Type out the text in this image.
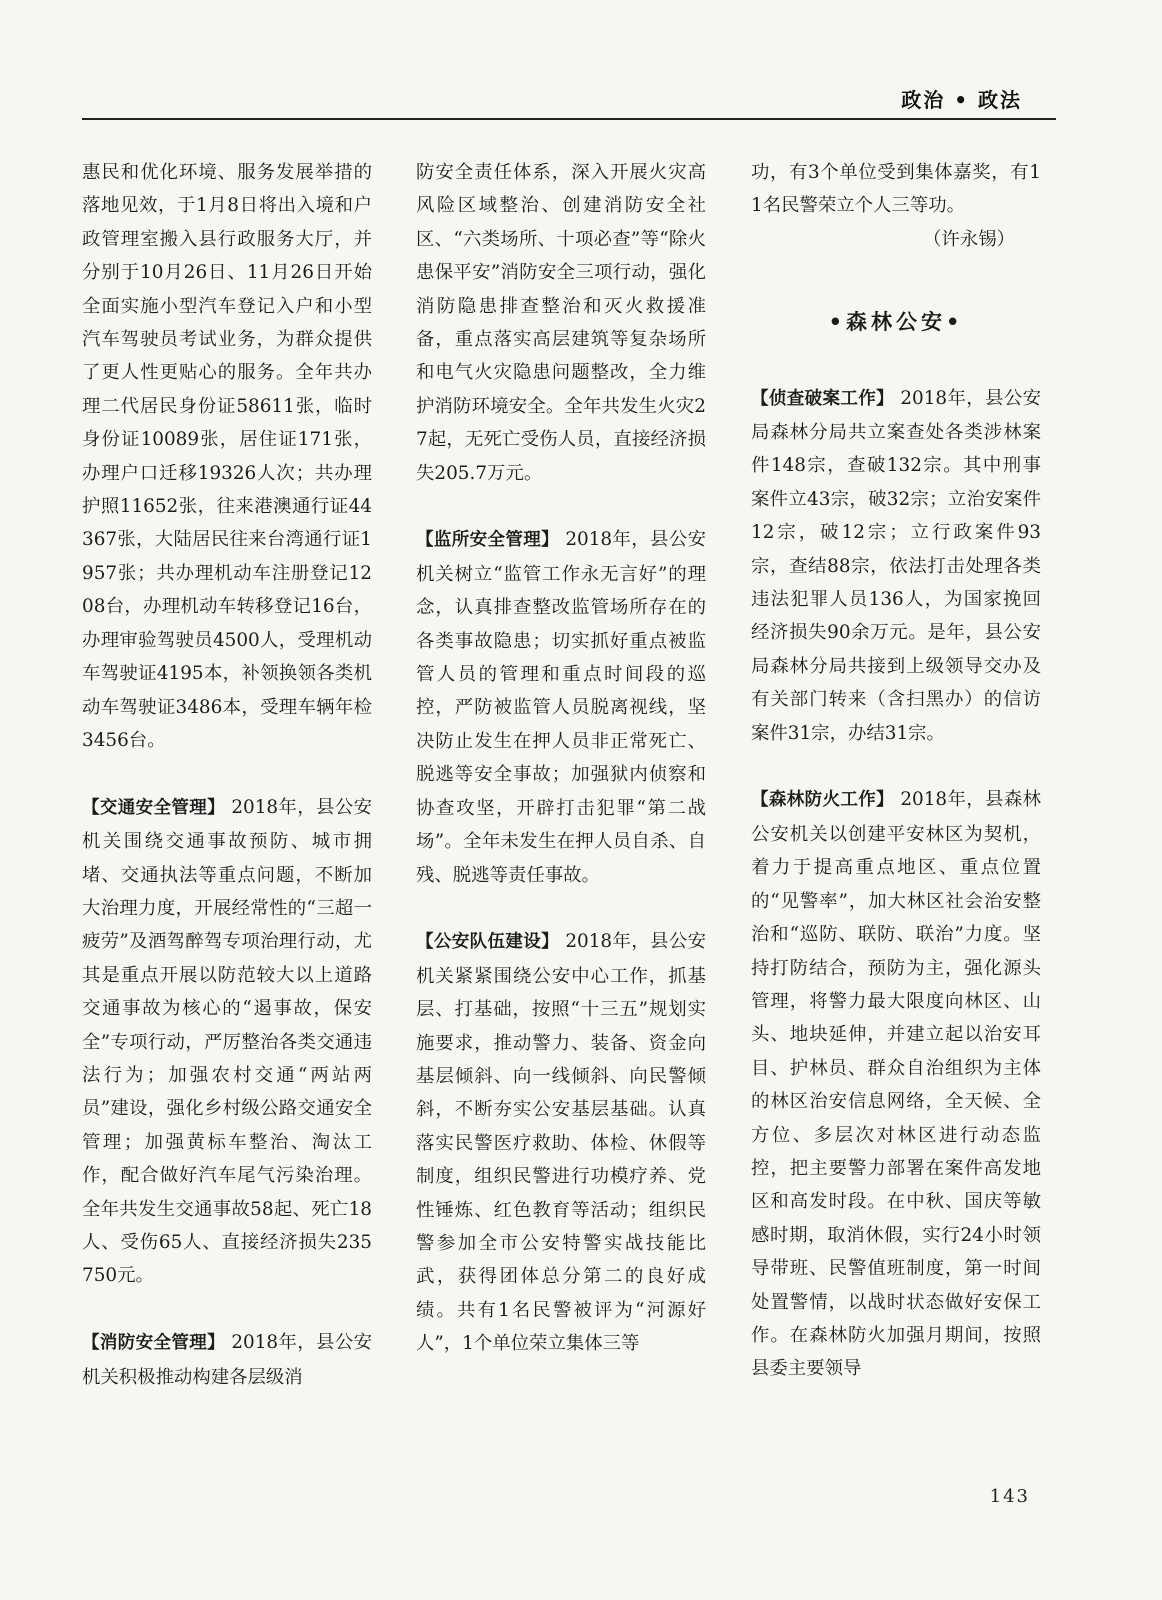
政治 • 政法

惠民和优化环境、服务发展举措的落地见效，于1月8日将出入境和户政管理室搬入县行政服务大厅，并分别于10月26日、11月26日开始全面实施小型汽车登记入户和小型汽车驾驶员考试业务，为群众提供了更人性更贴心的服务。全年共办理二代居民身份证58611张，临时身份证10089张，居住证171张，办理户口迁移19326人次；共办理护照11652张，往来港澳通行证44367张，大陆居民往来台湾通行证1957张；共办理机动车注册登记1208台，办理机动车转移登记16台，办理审验驾驶员4500人，受理机动车驾驶证4195本，补领换领各类机动车驾驶证3486本，受理车辆年检3456台。

【交通安全管理】 2018年，县公安机关围绕交通事故预防、城市拥堵、交通执法等重点问题，不断加大治理力度，开展经常性的“三超一疲劳”及酒驾醉驾专项治理行动，尤其是重点开展以防范较大以上道路交通事故为核心的“遏事故，保安全”专项行动，严厉整治各类交通违法行为；加强农村交通“两站两员”建设，强化乡村级公路交通安全管理；加强黄标车整治、淘汰工作，配合做好汽车尾气污染治理。全年共发生交通事故58起、死亡18人、受伤65人、直接经济损失235750元。

【消防安全管理】 2018年，县公安机关积极推动构建各层级消

防安全责任体系，深入开展火灾高风险区域整治、创建消防安全社区、“六类场所、十项必查”等“除火患保平安”消防安全三项行动，强化消防隐患排查整治和灭火救援准备，重点落实高层建筑等复杂场所和电气火灾隐患问题整改，全力维护消防环境安全。全年共发生火灾27起，无死亡受伤人员，直接经济损失205.7万元。

【监所安全管理】 2018年，县公安机关树立“监管工作永无言好”的理念，认真排查整改监管场所存在的各类事故隐患；切实抓好重点被监管人员的管理和重点时间段的巡控，严防被监管人员脱离视线，坚决防止发生在押人员非正常死亡、脱逃等安全事故；加强狱内侦察和协查攻坚，开辟打击犯罪“第二战场”。全年未发生在押人员自杀、自残、脱逃等责任事故。

【公安队伍建设】 2018年，县公安机关紧紧围绕公安中心工作，抓基层、打基础，按照“十三五”规划实施要求，推动警力、装备、资金向基层倾斜、向一线倾斜、向民警倾斜，不断夯实公安基层基础。认真落实民警医疗救助、体检、休假等制度，组织民警进行功模疗养、党性锤炼、红色教育等活动；组织民警参加全市公安特警实战技能比武，获得团体总分第二的良好成绩。共有1名民警被评为“河源好人”，1个单位荣立集体三等

功，有3个单位受到集体嘉奖，有11名民警荣立个人三等功。

（许永锡）

•森林公安•

【侦查破案工作】 2018年，县公安局森林分局共立案查处各类涉林案件148宗，查破132宗。其中刑事案件立43宗，破32宗；立治安案件12宗，破12宗；立行政案件93宗，查结88宗，依法打击处理各类违法犯罪人员136人，为国家挽回经济损失90余万元。是年，县公安局森林分局共接到上级领导交办及有关部门转来（含扫黑办）的信访案件31宗，办结31宗。

【森林防火工作】 2018年，县森林公安机关以创建平安林区为契机，着力于提高重点地区、重点位置的“见警率”，加大林区社会治安整治和“巡防、联防、联治”力度。坚持打防结合，预防为主，强化源头管理，将警力最大限度向林区、山头、地块延伸，并建立起以治安耳目、护林员、群众自治组织为主体的林区治安信息网络，全天候、全方位、多层次对林区进行动态监控，把主要警力部署在案件高发地区和高发时段。在中秋、国庆等敏感时期，取消休假，实行24小时领导带班、民警值班制度，第一时间处置警情，以战时状态做好安保工作。在森林防火加强月期间，按照县委主要领导

143
